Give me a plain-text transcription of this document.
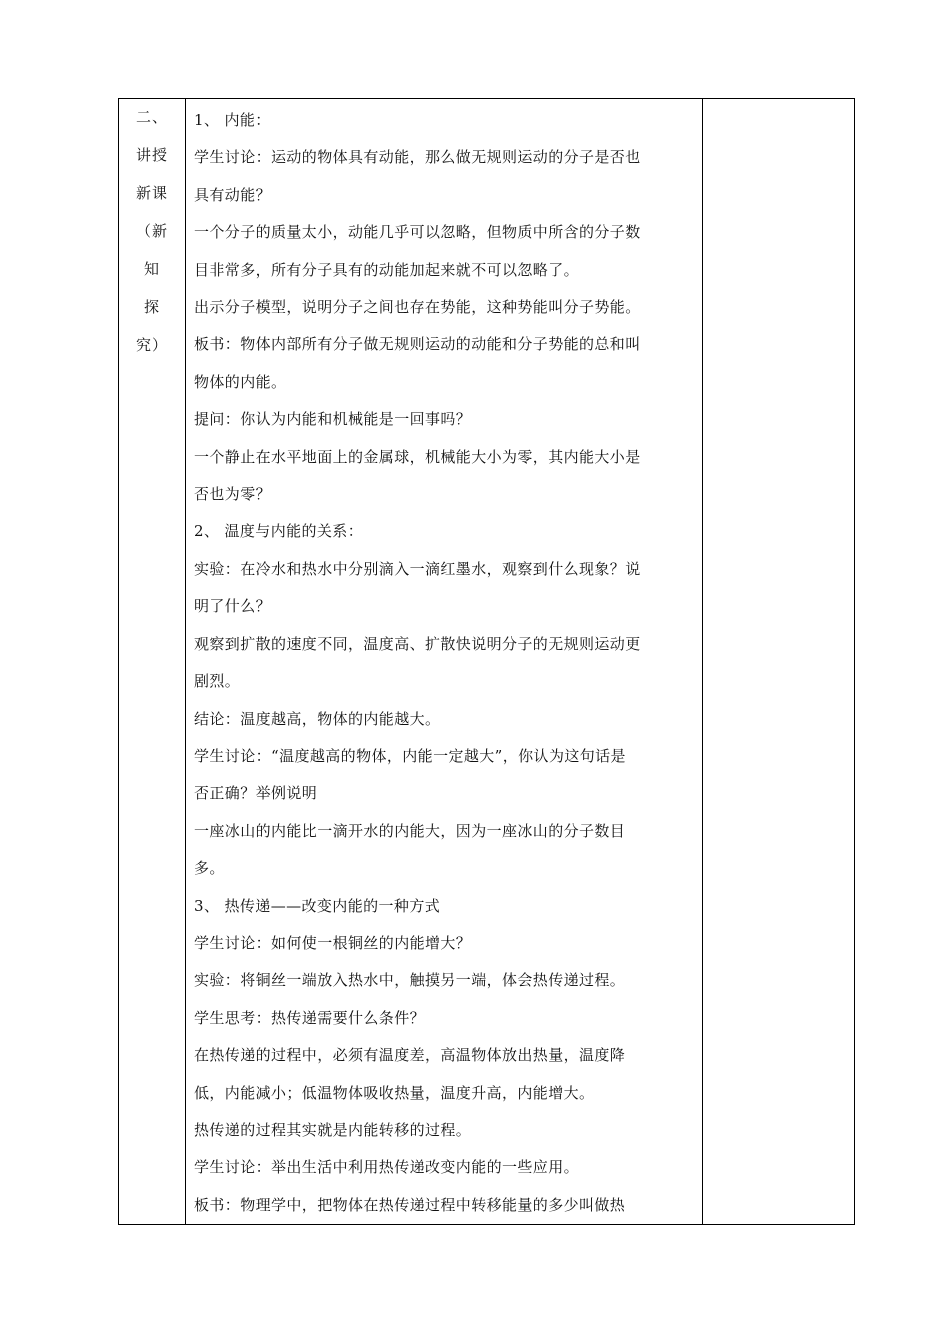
二、
讲授
新课
（新
知
探
究）

1、 内能：

学生讨论：运动的物体具有动能，那么做无规则运动的分子是否也

具有动能？

一个分子的质量太小，动能几乎可以忽略，但物质中所含的分子数

目非常多，所有分子具有的动能加起来就不可以忽略了。

出示分子模型，说明分子之间也存在势能，这种势能叫分子势能。

板书：物体内部所有分子做无规则运动的动能和分子势能的总和叫

物体的内能。

提问：你认为内能和机械能是一回事吗？

一个静止在水平地面上的金属球，机械能大小为零，其内能大小是

否也为零？

2、 温度与内能的关系：

实验：在冷水和热水中分别滴入一滴红墨水，观察到什么现象？说

明了什么？

观察到扩散的速度不同，温度高、扩散快说明分子的无规则运动更

剧烈。

结论：温度越高，物体的内能越大。

学生讨论：“温度越高的物体，内能一定越大”，你认为这句话是

否正确？举例说明

一座冰山的内能比一滴开水的内能大，因为一座冰山的分子数目

多。

3、 热传递——改变内能的一种方式

学生讨论：如何使一根铜丝的内能增大？

实验：将铜丝一端放入热水中，触摸另一端，体会热传递过程。

学生思考：热传递需要什么条件？

在热传递的过程中，必须有温度差，高温物体放出热量，温度降

低，内能减小；低温物体吸收热量，温度升高，内能增大。

热传递的过程其实就是内能转移的过程。

学生讨论：举出生活中利用热传递改变内能的一些应用。

板书：物理学中，把物体在热传递过程中转移能量的多少叫做热
